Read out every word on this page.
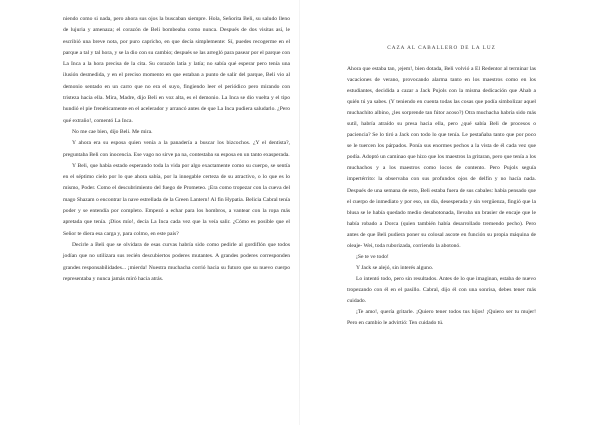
niendo como si nada, pero ahora sus ojos la buscaban siempre. Hola, Señorita Beli, su saludo lleno de lujuria y amenaza; el corazón de Beli bombeaba como nunca. Después de dos visitas así, le escribió una breve nota, por puro capricho, en que decía simplemente: Sí, puedes recogerme en el parque a tal y tal hora, y se la dio con su cambio; después se las arregló para pasear por el parque con La Inca a la hora precisa de la cita. Su corazón latía y latía; no sabía qué esperar pero tenía una ilusión desmedida, y en el preciso momento en que estaban a punto de salir del parque, Beli vio al demonio sentado en un carro que no era el suyo, fingiendo leer el periódico pero mirando con tristeza hacia ella. Mira, Madre, dijo Beli en voz alta, es el demonio. La Inca se dio vuelta y el tipo hundió el pie frenéticamente en el acelerador y arrancó antes de que La Inca pudiera saludarlo. ¿Pero qué extraño!, comentó La Inca.

No me cae bien, dijo Beli. Me mira.

Y ahora era su esposa quien venía a la panadería a buscar los bizcochos. ¿Y el dentista?, preguntaba Beli con inocencia. Ese vago no sirve pa na, contestaba su esposa en un tanto exasperada.

Y Beli, que había estado esperando toda la vida por algo exactamente como su cuerpo, se sentía en el séptimo cielo por lo que ahora sabía, por la innegable certeza de su atractivo, o lo que es lo mismo, Poder. Como el descubrimiento del fuego de Prometeo. ¡Era como tropezar con la cueva del mago Shazam o encontrar la nave estrellada de la Green Lantern! Al fin Hypatia. Belicia Cabral tenía poder y se entendía por completo. Empezó a echar para los hombros, a vantear con la ropa más apretada que tenía. ¡Dios mío!, decía La Inca cada vez que la veía salir. ¿Cómo es posible que el Señor te diera esa carga y, para colmo, en este país?

Decirle a Beli que se olvidara de esas curvas habría sido como pedirle al gordiflón que todos jodían que no utilizara sus recién descubiertos poderes mutantes. A grandes poderes corresponden grandes responsabilidades... ¡mierda! Nuestra muchacha corrió hacia su futuro que su nuevo cuerpo representaba y nunca jamás miró hacia atrás.

CAZA AL CABALLERO DE LA LUZ

Ahora que estaba tan, ¡ejem!, bien dotada, Beli volvió a El Redentor al terminar las vacaciones de verano, provocando alarma tanto en los maestros como en los estudiantes, decidida a cazar a Jack Pujols con la misma dedicación que Ahab a quién tú ya sabes. (Y teniendo en cuenta todas las cosas que podía simbolizar aquel muchachito albino, ¿les sorprende tan fútor acoso?) Otra muchacha habría sido más sutil, habría atraído su presa hacia ella, pero ¿qué sabía Beli de procesos o paciencia? Se lo tiró a Jack con todo lo que tenía. Le pestañaba tanto que por poco se le tuercen los párpados. Ponía sus enormes pechos a la vista de él cada vez que podía. Adoptó un caminao que hizo que los maestros la gritaran, pero que tenía a los muchachos y a los maestros como locos de contento. Pero Pujols seguía impertérrito: la observaba con sus profundos ojos de delfín y no hacía nada. Después de una semana de esto, Beli estaba fuera de sus cabales: había pensado que el cuerpo de inmediato y por eso, un día, desesperada y sin vergüenza, fingió que la blusa se le había quedado medio desabotonada, llevaba un brasier de encaje que le había robado a Dorca (quien también había desarrollado tremendo pecho). Pero antes de que Beli pudiera poner su colosal ascote en función su propia máquina de oleaje- Wei, toda ruborizada, corriendo la abotonó.

¡Se te ve todo!

Y Jack se alejó, sin interés alguno.

Lo intentó todo, pero sin resultados. Antes de lo que imaginan, estaba de nuevo tropezando con él en el pasillo. Cabral, dijo él con una sonrisa, debes tener más cuidado.

¡Te amo!, quería gritarle. ¡Quiero tener todos tus hijos! ¡Quiero ser tu mujer! Pero en cambio le advirtió: Ten cuidado tú.
